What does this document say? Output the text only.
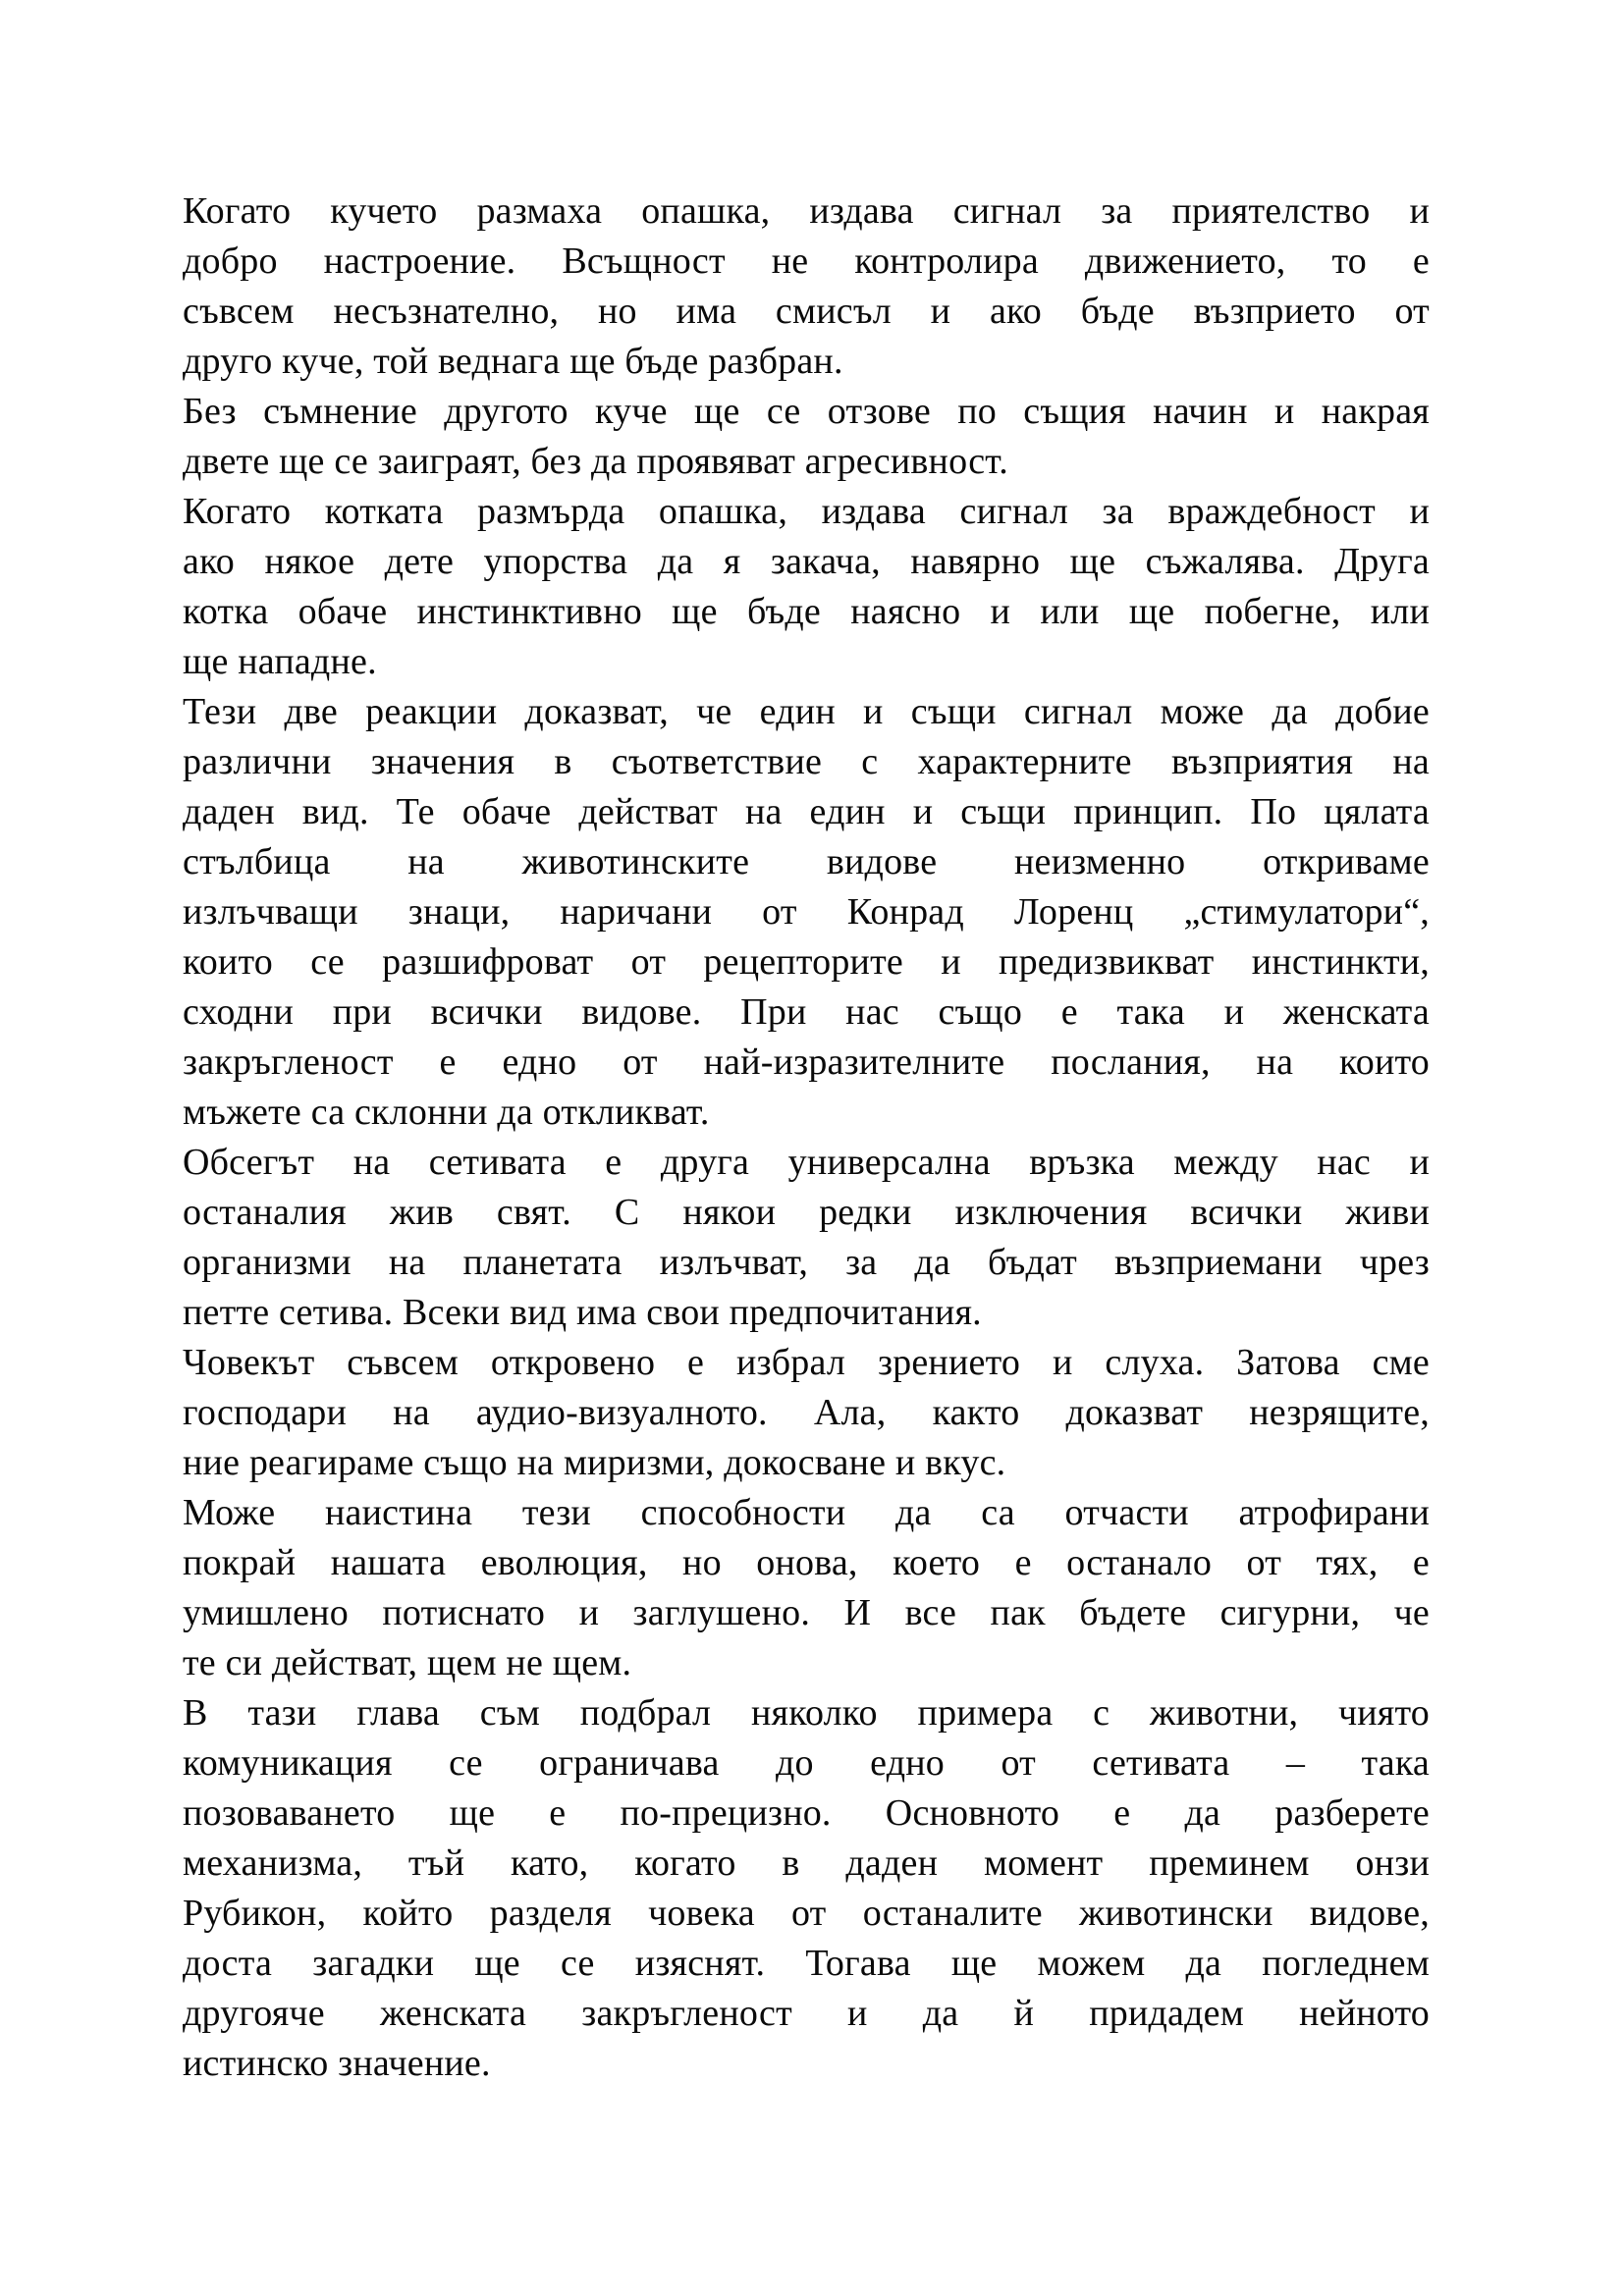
Когато кучето размаха опашка, издава сигнал за приятелство и
добро настроение. Всъщност не контролира движението, то е
съвсем несъзнателно, но има смисъл и ако бъде възприето от
друго куче, той веднага ще бъде разбран.
Без съмнение другото куче ще се отзове по същия начин и накрая
двете ще се заиграят, без да проявяват агресивност.
Когато котката размърда опашка, издава сигнал за враждебност и
ако някое дете упорства да я закача, навярно ще съжалява. Друга
котка обаче инстинктивно ще бъде наясно и или ще побегне, или
ще нападне.
Тези две реакции доказват, че един и същи сигнал може да добие
различни значения в съответствие с характерните възприятия на
даден вид. Те обаче действат на един и същи принцип. По цялата
стълбица на животинските видове неизменно откриваме
излъчващи знаци, наричани от Конрад Лоренц „стимулатори“,
които се разшифроват от рецепторите и предизвикват инстинкти,
сходни при всички видове. При нас също е така и женската
закръгленост е едно от най-изразителните послания, на които
мъжете са склонни да откликват.
Обсегът на сетивата е друга универсална връзка между нас и
останалия жив свят. С някои редки изключения всички живи
организми на планетата излъчват, за да бъдат възприемани чрез
петте сетива. Всеки вид има свои предпочитания.
Човекът съвсем откровено е избрал зрението и слуха. Затова сме
господари на аудио-визуалното. Ала, както доказват незрящите,
ние реагираме също на миризми, докосване и вкус.
Може наистина тези способности да са отчасти атрофирани
покрай нашата еволюция, но онова, което е останало от тях, е
умишлено потиснато и заглушено. И все пак бъдете сигурни, че
те си действат, щем не щем.
В тази глава съм подбрал няколко примера с животни, чиято
комуникация се ограничава до едно от сетивата – така
позоваването ще е по-прецизно. Основното е да разберете
механизма, тъй като, когато в даден момент преминем онзи
Рубикон, който разделя човека от останалите животински видове,
доста загадки ще се изяснят. Тогава ще можем да погледнем
другояче женската закръгленост и да й придадем нейното
истинско значение.
